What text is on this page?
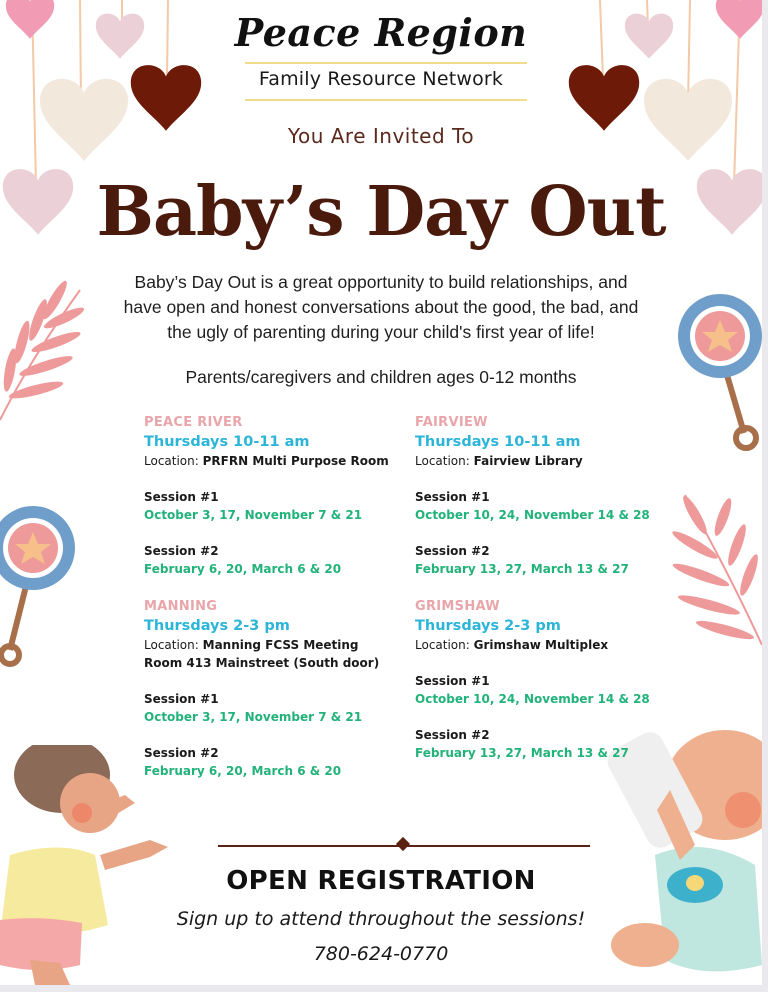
Peace Region
Family Resource Network
You Are Invited To
Baby’s Day Out
Baby’s Day Out is a great opportunity to build relationships, and
have open and honest conversations about the good, the bad, and
the ugly of parenting during your child's first year of life!
Parents/caregivers and children ages 0-12 months
PEACE RIVER
Thursdays 10-11 am
Location: PRFRN Multi Purpose Room
Session #1
October 3, 17, November 7 & 21
Session #2
February 6, 20, March 6 & 20
MANNING
Thursdays 2-3 pm
Location: Manning FCSS Meeting Room 413 Mainstreet (South door)
Session #1
October 3, 17, November 7 & 21
Session #2
February 6, 20, March 6 & 20
FAIRVIEW
Thursdays 10-11 am
Location: Fairview Library
Session #1
October 10, 24, November 14 & 28
Session #2
February 13, 27, March 13 & 27
GRIMSHAW
Thursdays 2-3 pm
Location: Grimshaw Multiplex
Session #1
October 10, 24, November 14 & 28
Session #2
February 13, 27, March 13 & 27
OPEN REGISTRATION
Sign up to attend throughout the sessions!
780-624-0770
